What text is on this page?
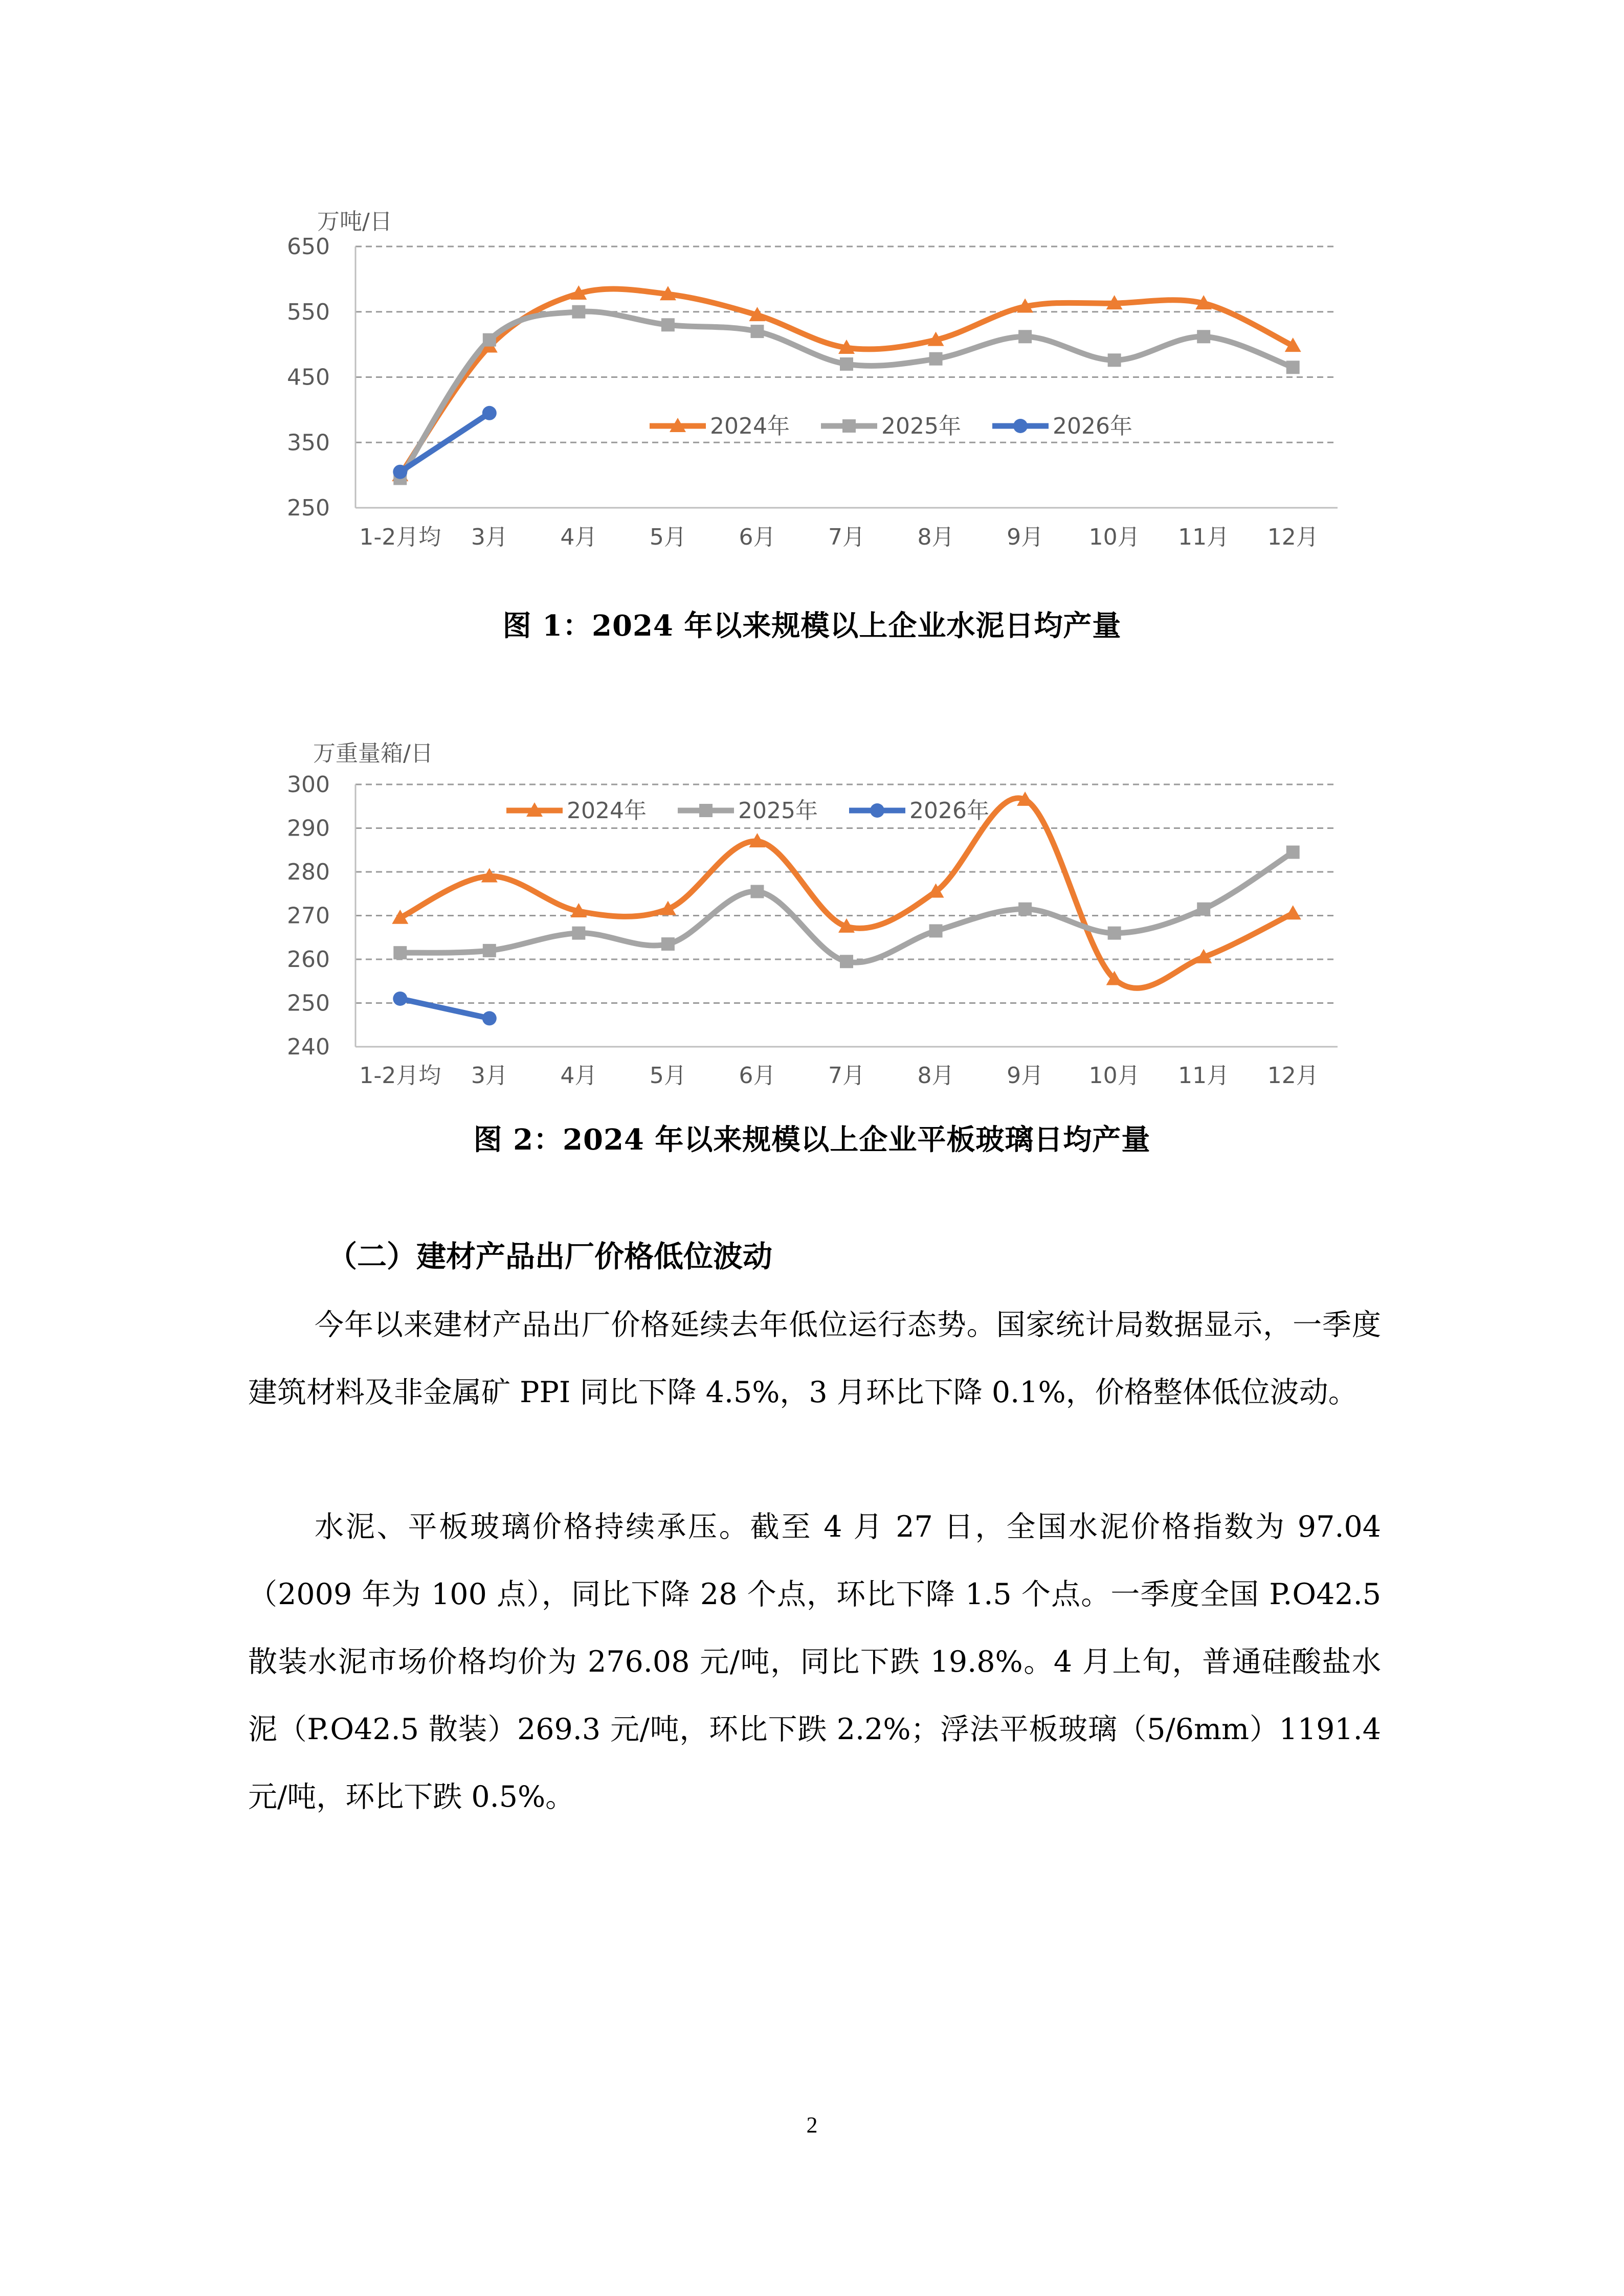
万吨/日
250
350
450
550
650
1-2月均 3月 4月 5月 6月 7月 8月 9月 10月 11月 12月
2024年	2025年	2026年
图 1：2024 年以来规模以上企业水泥日均产量
万重量箱/日
240
250
260
270
280
290
300
1-2月均 3月 4月 5月 6月 7月 8月 9月 10月 11月 12月
2024年	2025年	2026年
图 2：2024 年以来规模以上企业平板玻璃日均产量
（二）建材产品出厂价格低位波动

今年以来建材产品出厂价格延续去年低位运行态势。国家统计局数据显示，一季度建筑材料及非金属矿 PPI 同比下降 4.5%，3 月环比下降 0.1%，价格整体低位波动。

水泥、平板玻璃价格持续承压。截至 4 月 27 日，全国水泥价格指数为 97.04（2009 年为 100 点），同比下降 28 个点，环比下降 1.5 个点。一季度全国 P.O42.5 散装水泥市场价格均价为 276.08 元/吨，同比下跌 19.8%。4 月上旬，普通硅酸盐水泥（P.O42.5 散装）269.3 元/吨，环比下跌 2.2%；浮法平板玻璃（5/6mm）1191.4 元/吨，环比下跌 0.5%。

2
